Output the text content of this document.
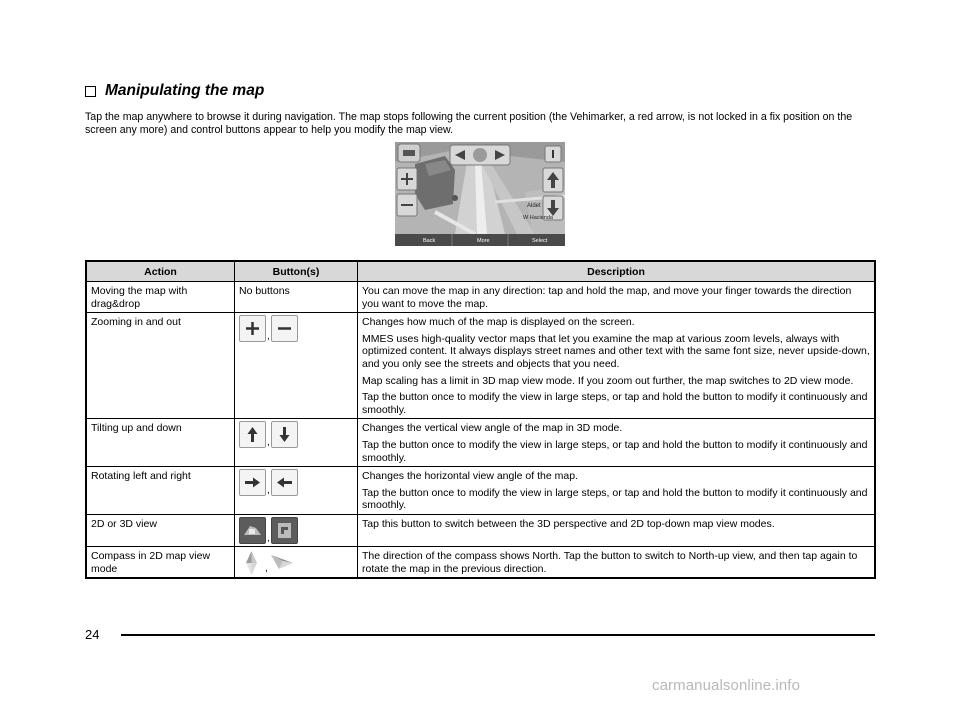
Manipulating the map
Tap the map anywhere to browse it during navigation. The map stops following the current position (the Vehimarker, a red arrow, is not locked in a fix position on the screen any more) and control buttons appear to help you modify the map view.
Aldet
W Hacienda
Back	More	Select
Action	Button(s)	Description
Moving the map with drag&drop	No buttons	You can move the map in any direction: tap and hold the map, and move your finger towards the direction you want to move the map.

Zooming in and out	,	Changes how much of the map is displayed on the screen.

MMES uses high-quality vector maps that let you examine the map at various zoom levels, always with optimized content. It always displays street names and other text with the same font size, never upside-down, and you only see the streets and objects that you need.

Map scaling has a limit in 3D map view mode. If you zoom out further, the map switches to 2D view mode.

Tap the button once to modify the view in large steps, or tap and hold the button to modify it continuously and smoothly.

Tilting up and down	,	Changes the vertical view angle of the map in 3D mode.

Tap the button once to modify the view in large steps, or tap and hold the button to modify it continuously and smoothly.

Rotating left and right	,	Changes the horizontal view angle of the map.

Tap the button once to modify the view in large steps, or tap and hold the button to modify it continuously and smoothly.

2D or 3D view	,	Tap this button to switch between the 3D perspective and 2D top-down map view modes.

Compass in 2D map view mode	,	The direction of the compass shows North. Tap the button to switch to North-up view, and then tap again to rotate the map in the previous direction.

24
carmanualsonline.info
